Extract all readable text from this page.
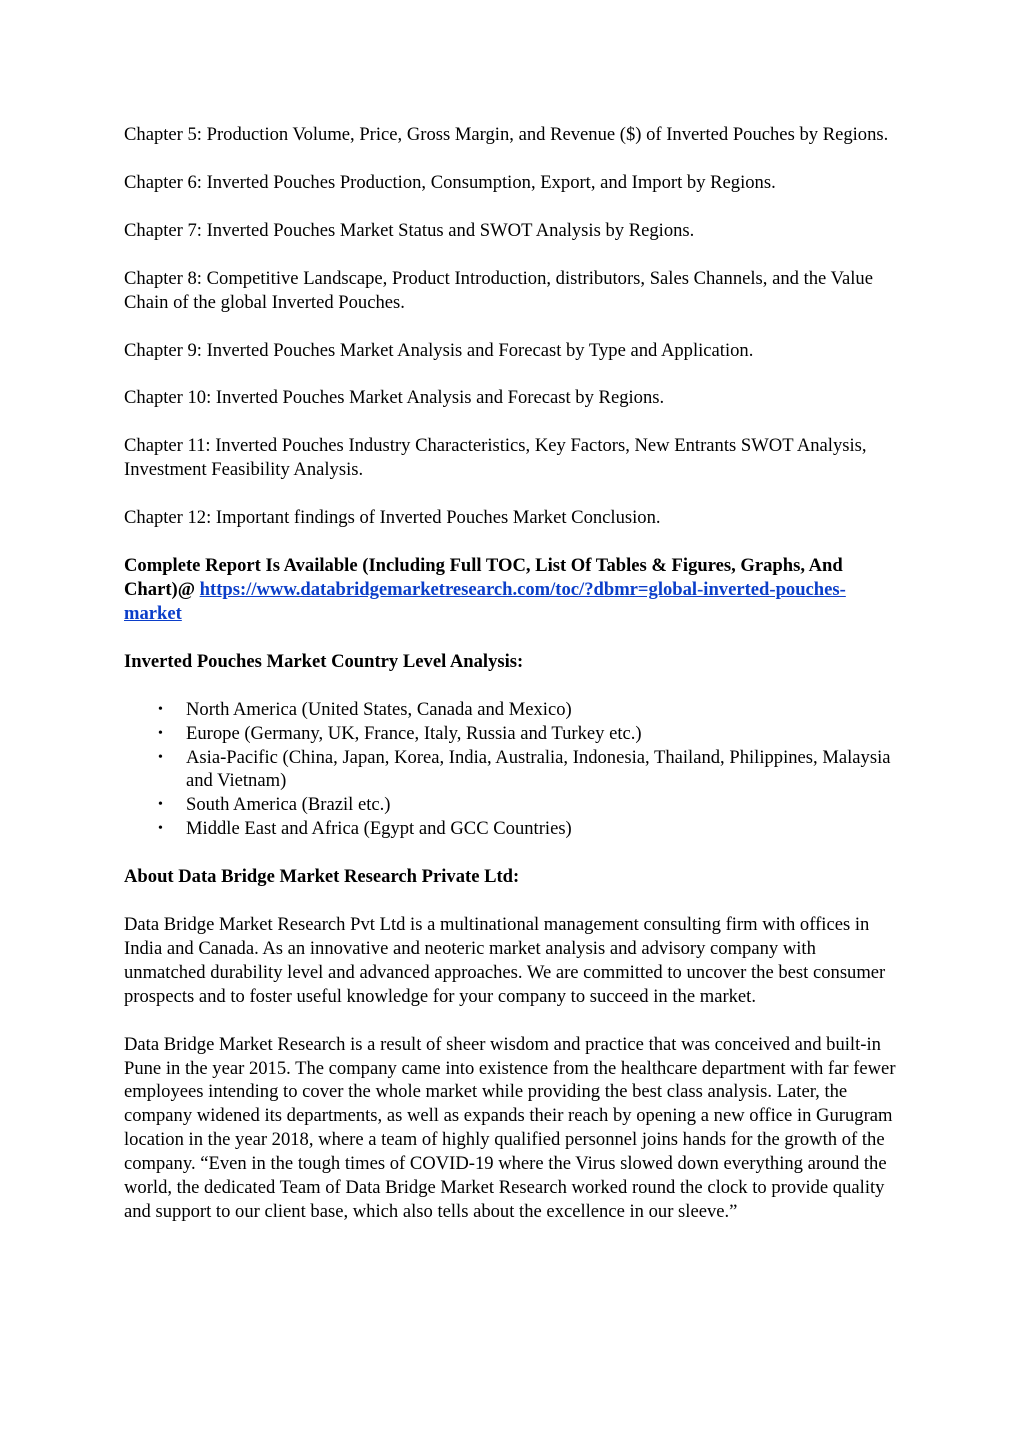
Chapter 5: Production Volume, Price, Gross Margin, and Revenue ($) of Inverted Pouches by Regions.

Chapter 6: Inverted Pouches Production, Consumption, Export, and Import by Regions.

Chapter 7: Inverted Pouches Market Status and SWOT Analysis by Regions.

Chapter 8: Competitive Landscape, Product Introduction, distributors, Sales Channels, and the Value Chain of the global Inverted Pouches.

Chapter 9: Inverted Pouches Market Analysis and Forecast by Type and Application.

Chapter 10: Inverted Pouches Market Analysis and Forecast by Regions.

Chapter 11: Inverted Pouches Industry Characteristics, Key Factors, New Entrants SWOT Analysis, Investment Feasibility Analysis.

Chapter 12: Important findings of Inverted Pouches Market Conclusion.

Complete Report Is Available (Including Full TOC, List Of Tables & Figures, Graphs, And Chart)@ https://www.databridgemarketresearch.com/toc/?dbmr=global-inverted-pouches-market

Inverted Pouches Market Country Level Analysis:

• North America (United States, Canada and Mexico)
• Europe (Germany, UK, France, Italy, Russia and Turkey etc.)
• Asia-Pacific (China, Japan, Korea, India, Australia, Indonesia, Thailand, Philippines, Malaysia and Vietnam)
• South America (Brazil etc.)
• Middle East and Africa (Egypt and GCC Countries)

About Data Bridge Market Research Private Ltd:

Data Bridge Market Research Pvt Ltd is a multinational management consulting firm with offices in India and Canada. As an innovative and neoteric market analysis and advisory company with unmatched durability level and advanced approaches. We are committed to uncover the best consumer prospects and to foster useful knowledge for your company to succeed in the market.

Data Bridge Market Research is a result of sheer wisdom and practice that was conceived and built-in Pune in the year 2015. The company came into existence from the healthcare department with far fewer employees intending to cover the whole market while providing the best class analysis. Later, the company widened its departments, as well as expands their reach by opening a new office in Gurugram location in the year 2018, where a team of highly qualified personnel joins hands for the growth of the company. “Even in the tough times of COVID-19 where the Virus slowed down everything around the world, the dedicated Team of Data Bridge Market Research worked round the clock to provide quality and support to our client base, which also tells about the excellence in our sleeve.”
